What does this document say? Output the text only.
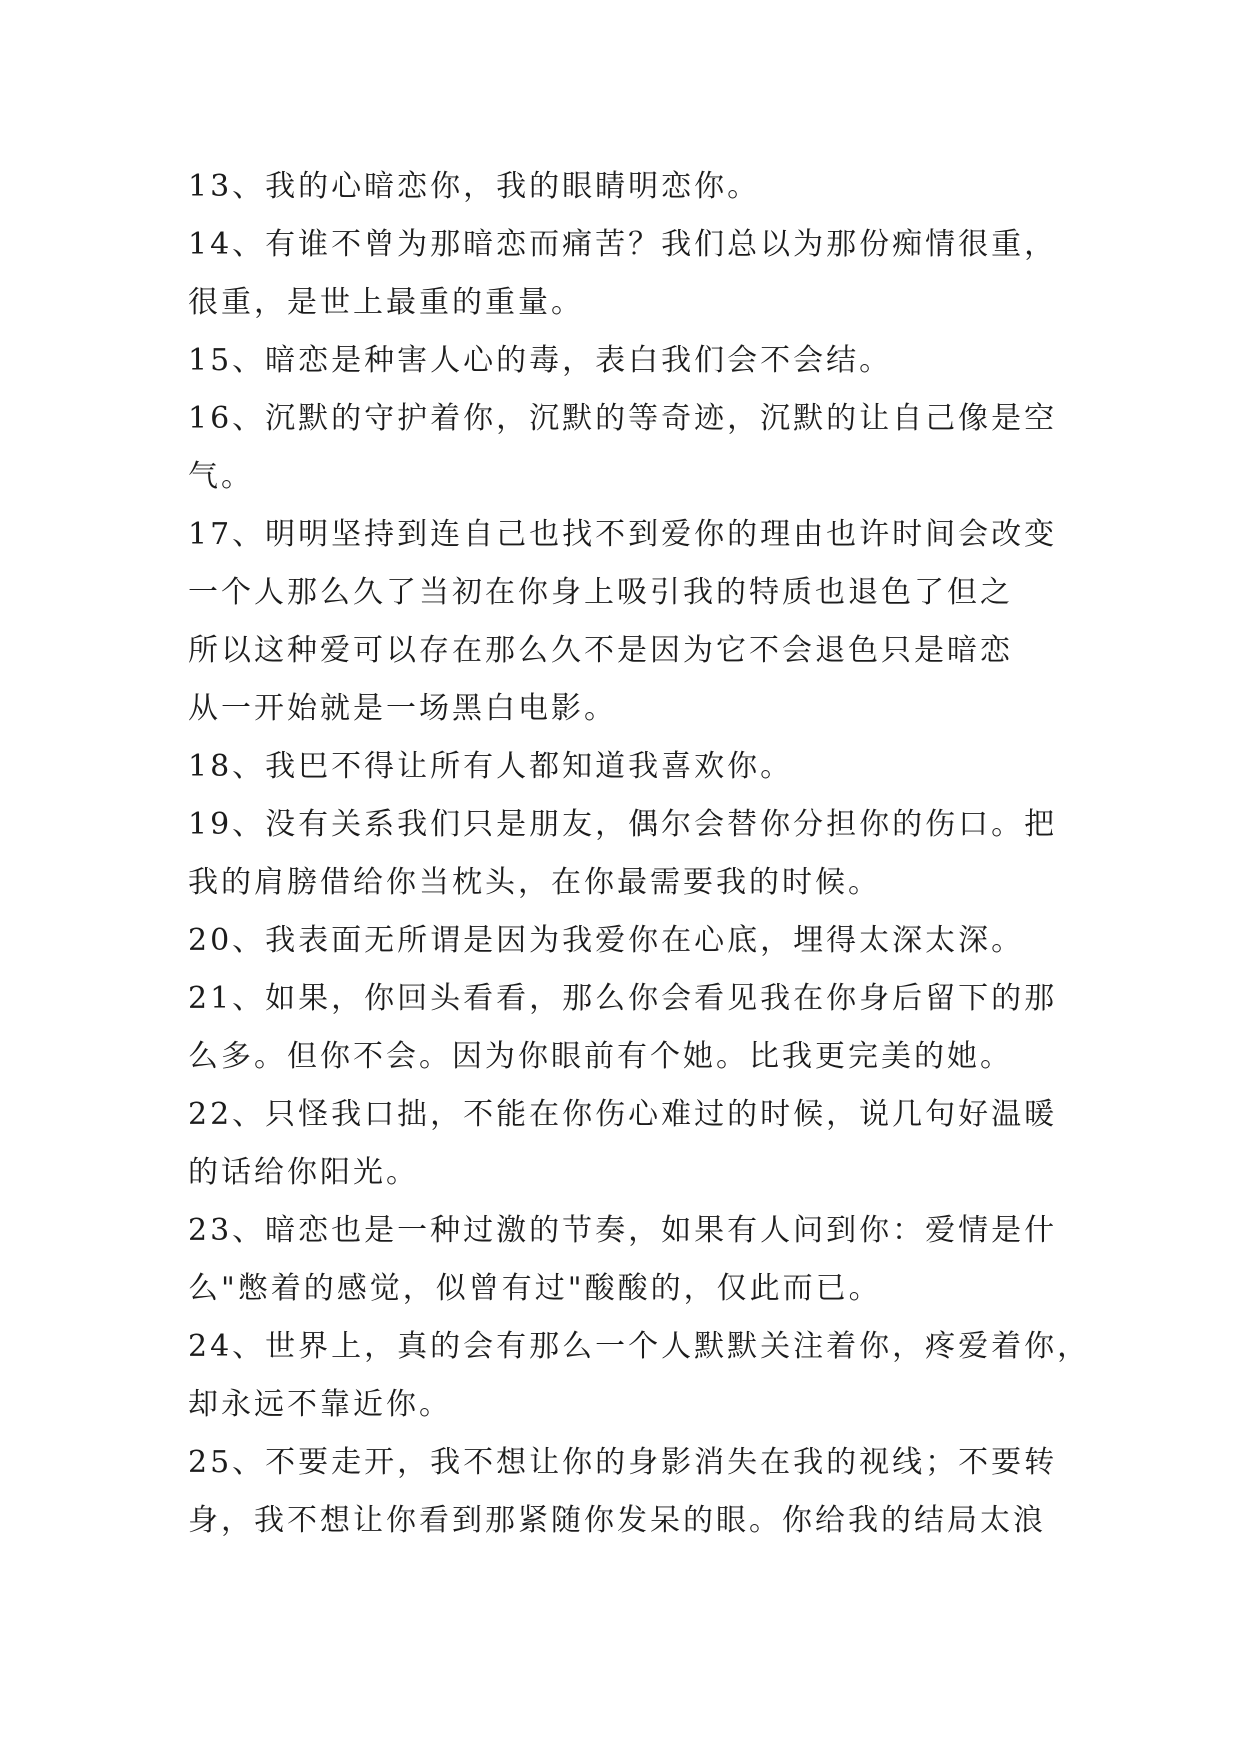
13、我的心暗恋你，我的眼睛明恋你。
14、有谁不曾为那暗恋而痛苦？我们总以为那份痴情很重，
很重，是世上最重的重量。
15、暗恋是种害人心的毒，表白我们会不会结。
16、沉默的守护着你，沉默的等奇迹，沉默的让自己像是空
气。
17、明明坚持到连自己也找不到爱你的理由也许时间会改变
一个人那么久了当初在你身上吸引我的特质也退色了但之
所以这种爱可以存在那么久不是因为它不会退色只是暗恋
从一开始就是一场黑白电影。
18、我巴不得让所有人都知道我喜欢你。
19、没有关系我们只是朋友，偶尔会替你分担你的伤口。把
我的肩膀借给你当枕头，在你最需要我的时候。
20、我表面无所谓是因为我爱你在心底，埋得太深太深。
21、如果，你回头看看，那么你会看见我在你身后留下的那
么多。但你不会。因为你眼前有个她。比我更完美的她。
22、只怪我口拙，不能在你伤心难过的时候，说几句好温暖
的话给你阳光。
23、暗恋也是一种过激的节奏，如果有人问到你：爱情是什
么"憋着的感觉，似曾有过"酸酸的，仅此而已。
24、世界上，真的会有那么一个人默默关注着你，疼爱着你，
却永远不靠近你。
25、不要走开，我不想让你的身影消失在我的视线；不要转
身，我不想让你看到那紧随你发呆的眼。你给我的结局太浪
